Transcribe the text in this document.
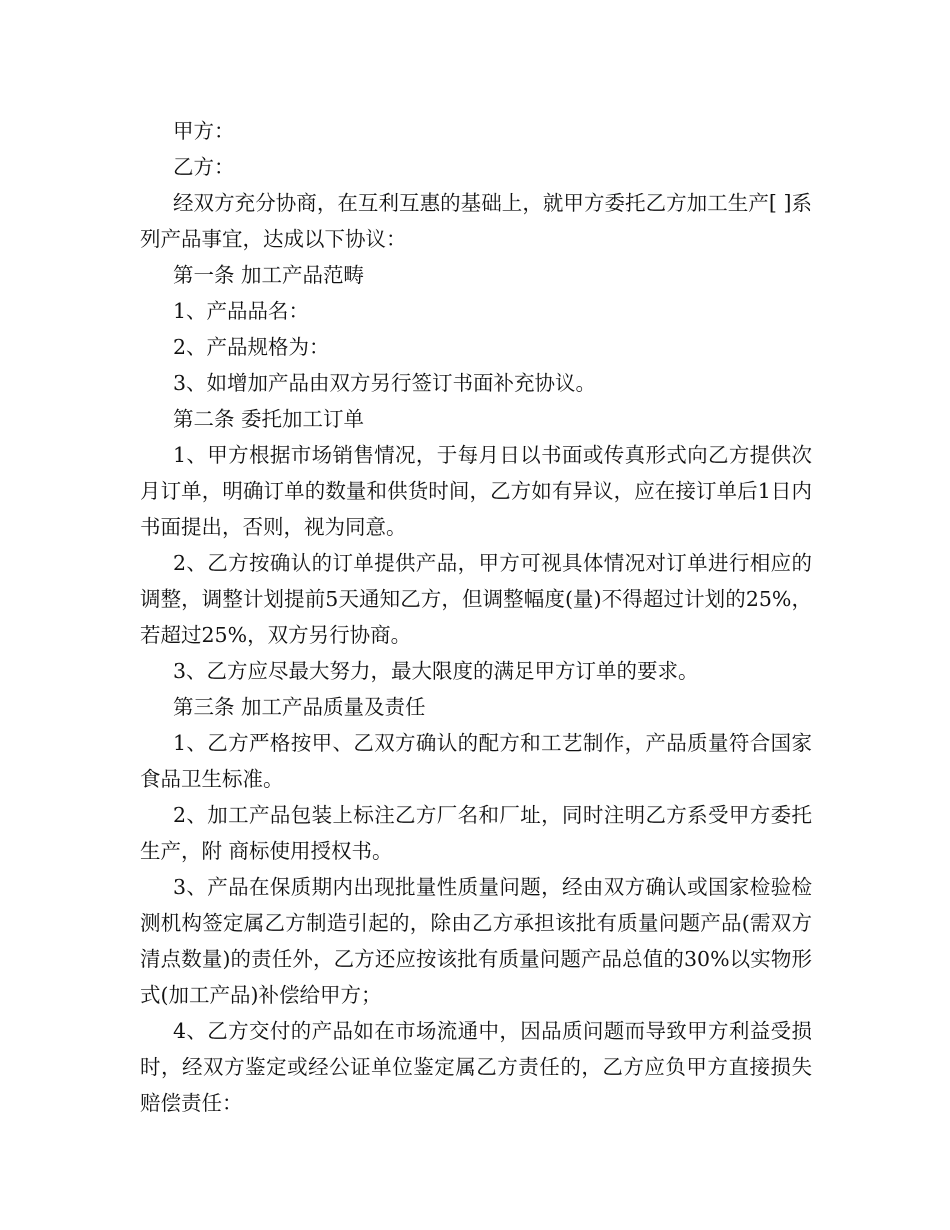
甲方：

乙方：

经双方充分协商，在互利互惠的基础上，就甲方委托乙方加工生产[ ]系列产品事宜，达成以下协议：

第一条 加工产品范畴

1、产品品名：

2、产品规格为：

3、如增加产品由双方另行签订书面补充协议。

第二条 委托加工订单

1、甲方根据市场销售情况，于每月日以书面或传真形式向乙方提供次月订单，明确订单的数量和供货时间，乙方如有异议，应在接订单后1日内书面提出，否则，视为同意。

2、乙方按确认的订单提供产品，甲方可视具体情况对订单进行相应的调整，调整计划提前5天通知乙方，但调整幅度(量)不得超过计划的25%，若超过25%，双方另行协商。

3、乙方应尽最大努力，最大限度的满足甲方订单的要求。

第三条 加工产品质量及责任

1、乙方严格按甲、乙双方确认的配方和工艺制作，产品质量符合国家食品卫生标准。

2、加工产品包装上标注乙方厂名和厂址，同时注明乙方系受甲方委托生产，附 商标使用授权书。

3、产品在保质期内出现批量性质量问题，经由双方确认或国家检验检测机构签定属乙方制造引起的，除由乙方承担该批有质量问题产品(需双方清点数量)的责任外，乙方还应按该批有质量问题产品总值的30%以实物形式(加工产品)补偿给甲方；

4、乙方交付的产品如在市场流通中，因品质问题而导致甲方利益受损时，经双方鉴定或经公证单位鉴定属乙方责任的，乙方应负甲方直接损失赔偿责任：
